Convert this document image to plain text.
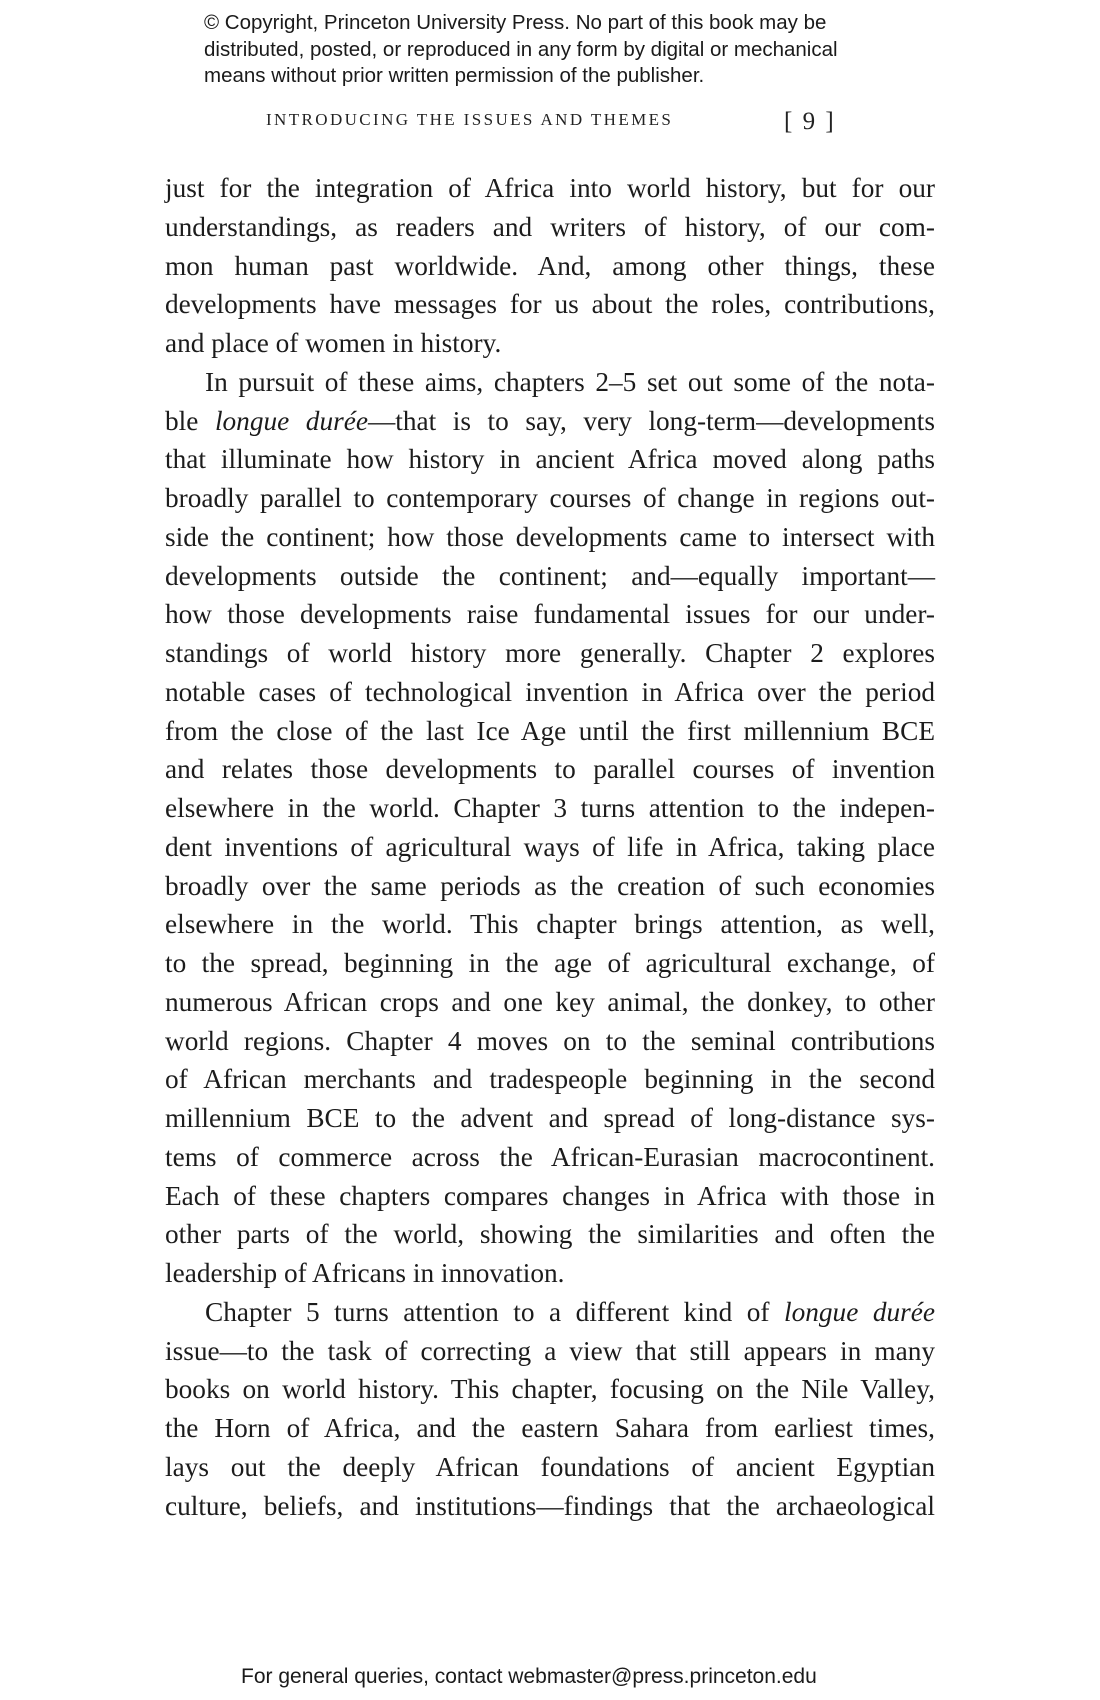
© Copyright, Princeton University Press. No part of this book may be
distributed, posted, or reproduced in any form by digital or mechanical
means without prior written permission of the publisher.
INTRODUCING THE ISSUES AND THEMES	[ 9 ]
just for the integration of Africa into world history, but for our
understandings, as readers and writers of history, of our com-
mon human past worldwide. And, among other things, these
developments have messages for us about the roles, contributions,
and place of women in history.
In pursuit of these aims, chapters 2–5 set out some of the nota-
ble longue durée—that is to say, very long-term—developments
that illuminate how history in ancient Africa moved along paths
broadly parallel to contemporary courses of change in regions out-
side the continent; how those developments came to intersect with
developments outside the continent; and—equally important—
how those developments raise fundamental issues for our under-
standings of world history more generally. Chapter 2 explores
notable cases of technological invention in Africa over the period
from the close of the last Ice Age until the first millennium BCE
and relates those developments to parallel courses of invention
elsewhere in the world. Chapter 3 turns attention to the indepen-
dent inventions of agricultural ways of life in Africa, taking place
broadly over the same periods as the creation of such economies
elsewhere in the world. This chapter brings attention, as well,
to the spread, beginning in the age of agricultural exchange, of
numerous African crops and one key animal, the donkey, to other
world regions. Chapter 4 moves on to the seminal contributions
of African merchants and tradespeople beginning in the second
millennium BCE to the advent and spread of long-distance sys-
tems of commerce across the African-Eurasian macrocontinent.
Each of these chapters compares changes in Africa with those in
other parts of the world, showing the similarities and often the
leadership of Africans in innovation.
Chapter 5 turns attention to a different kind of longue durée
issue—to the task of correcting a view that still appears in many
books on world history. This chapter, focusing on the Nile Valley,
the Horn of Africa, and the eastern Sahara from earliest times,
lays out the deeply African foundations of ancient Egyptian
culture, beliefs, and institutions—findings that the archaeological
For general queries, contact webmaster@press.princeton.edu
